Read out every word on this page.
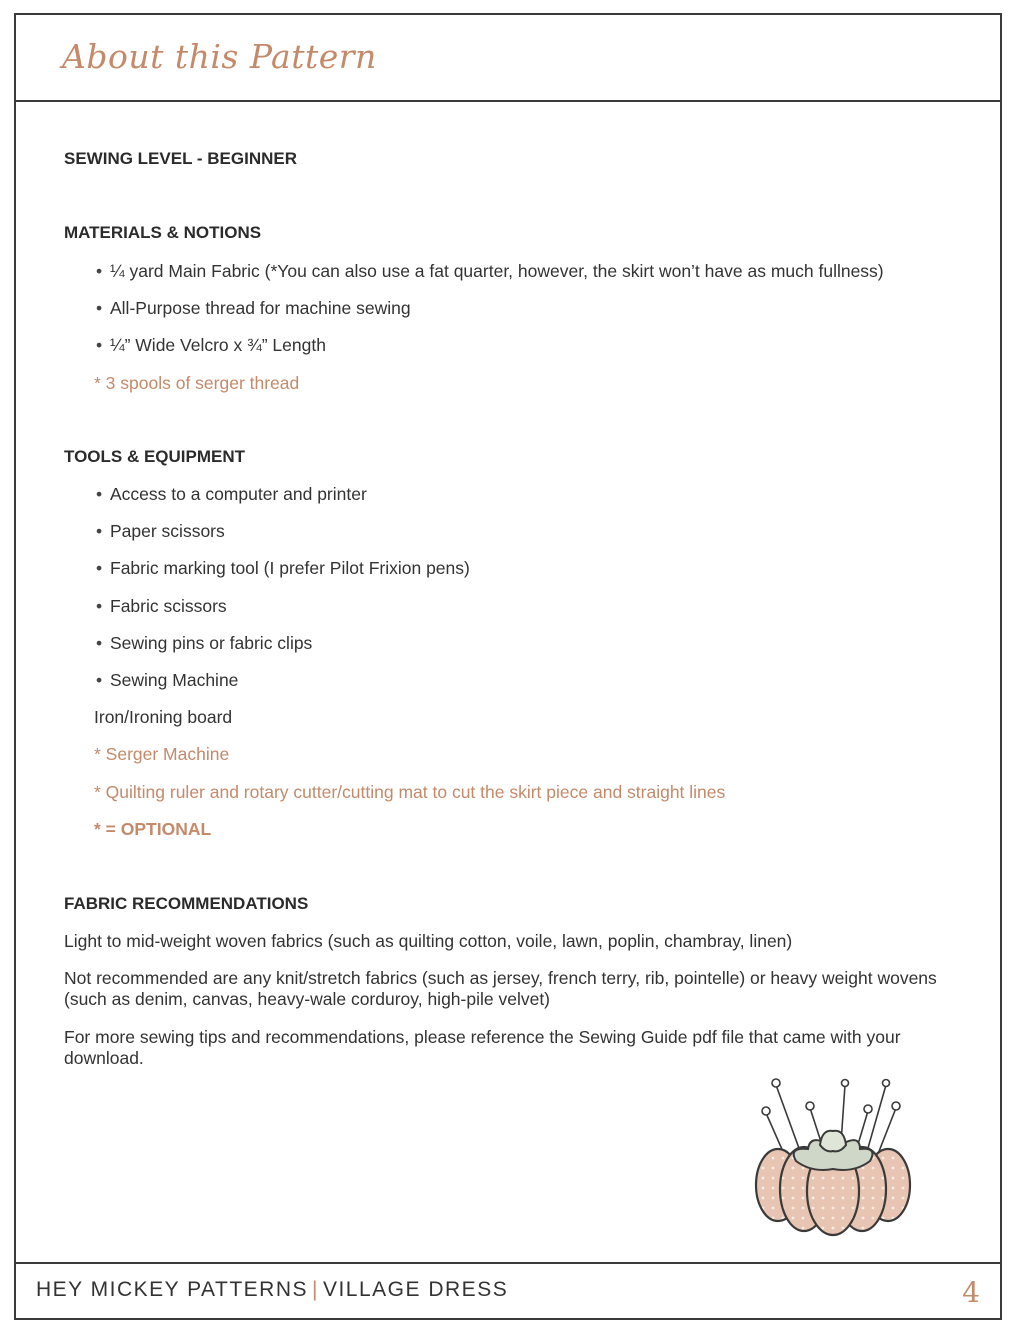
About this Pattern
SEWING LEVEL - BEGINNER
MATERIALS & NOTIONS
• ¼ yard Main Fabric (*You can also use a fat quarter, however, the skirt won’t have as much fullness)
• All-Purpose thread for machine sewing
• ¼” Wide Velcro x ¾” Length
* 3 spools of serger thread
TOOLS & EQUIPMENT
• Access to a computer and printer
• Paper scissors
• Fabric marking tool (I prefer Pilot Frixion pens)
• Fabric scissors
• Sewing pins or fabric clips
• Sewing Machine
Iron/Ironing board
* Serger Machine
* Quilting ruler and rotary cutter/cutting mat to cut the skirt piece and straight lines
* = OPTIONAL
FABRIC RECOMMENDATIONS
Light to mid-weight woven fabrics (such as quilting cotton, voile, lawn, poplin, chambray, linen)
Not recommended are any knit/stretch fabrics (such as jersey, french terry, rib, pointelle) or heavy weight wovens (such as denim, canvas, heavy-wale corduroy, high-pile velvet)
For more sewing tips and recommendations, please reference the Sewing Guide pdf file that came with your download.
HEY MICKEY PATTERNS | VILLAGE DRESS	4
